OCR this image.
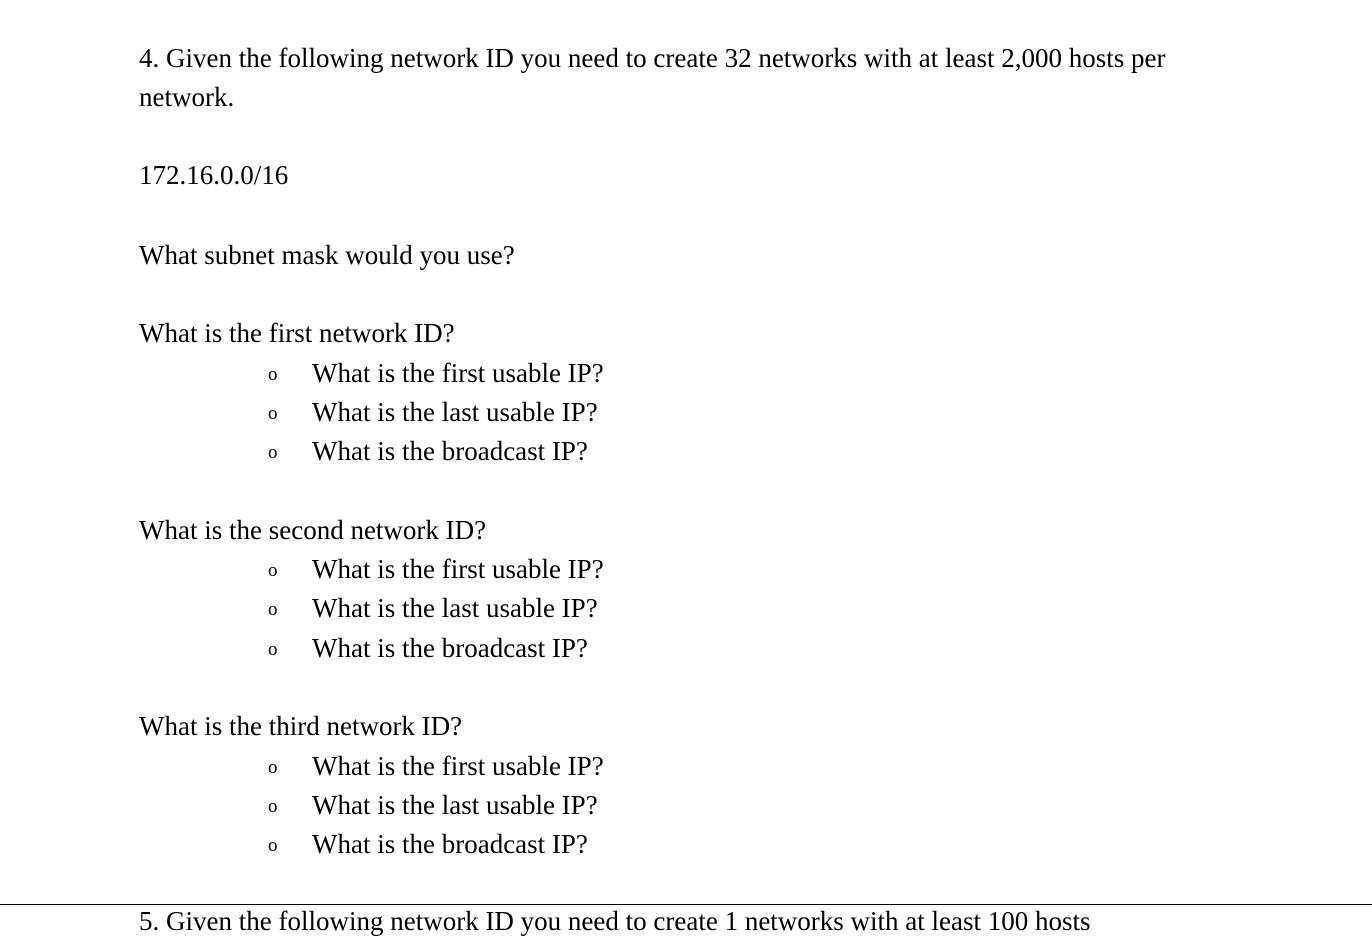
4. Given the following network ID you need to create 32 networks with at least 2,000 hosts per
network.
172.16.0.0/16
What subnet mask would you use?
What is the first network ID?
o What is the first usable IP?
o What is the last usable IP?
o What is the broadcast IP?
What is the second network ID?
o What is the first usable IP?
o What is the last usable IP?
o What is the broadcast IP?
What is the third network ID?
o What is the first usable IP?
o What is the last usable IP?
o What is the broadcast IP?
5. Given the following network ID you need to create 1 networks with at least 100 hosts
